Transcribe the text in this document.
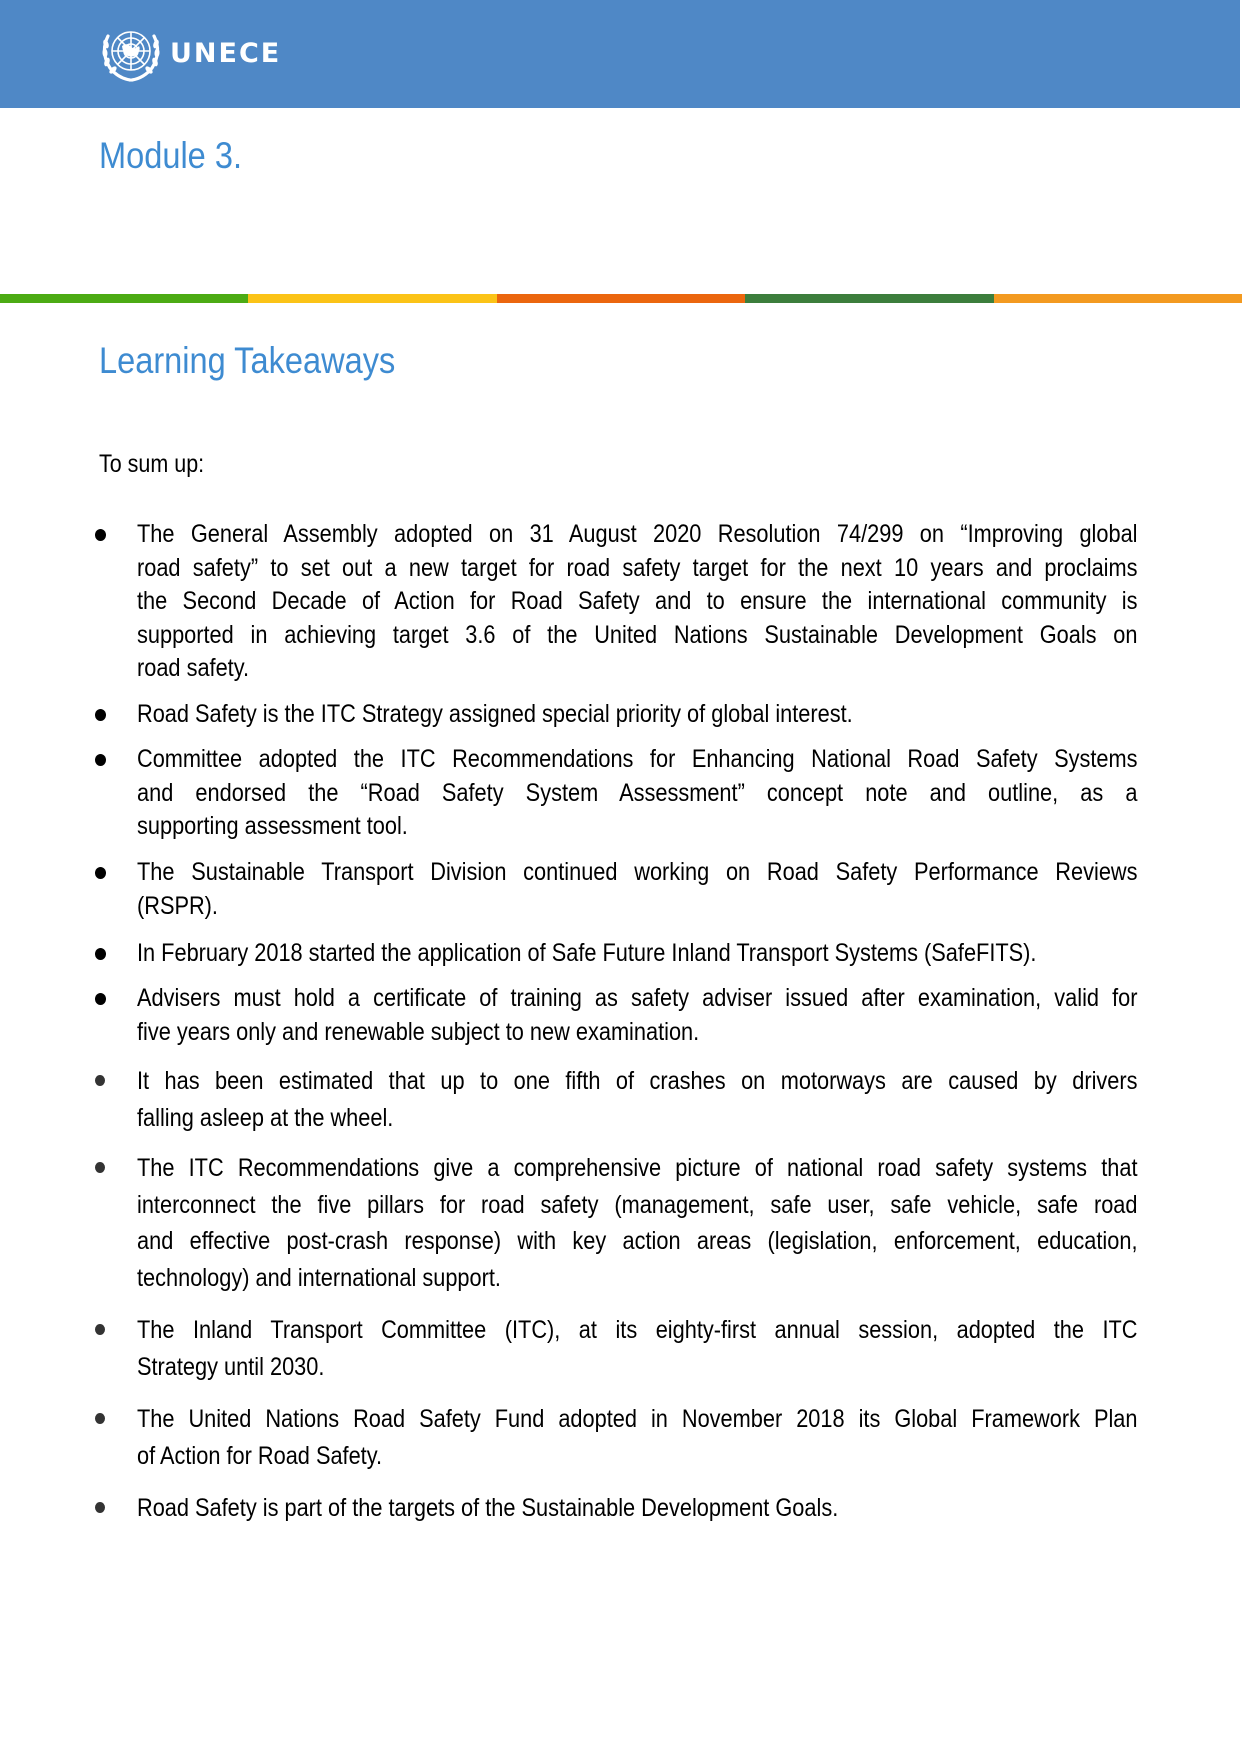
UNECE
Module 3.
Learning Takeaways

To sum up:

The General Assembly adopted on 31 August 2020 Resolution 74/299 on “Improving global
road safety” to set out a new target for road safety target for the next 10 years and proclaims
the Second Decade of Action for Road Safety and to ensure the international community is
supported in achieving target 3.6 of the United Nations Sustainable Development Goals on
road safety.
Road Safety is the ITC Strategy assigned special priority of global interest.
Committee adopted the ITC Recommendations for Enhancing National Road Safety Systems
and endorsed the “Road Safety System Assessment” concept note and outline, as a
supporting assessment tool.
The Sustainable Transport Division continued working on Road Safety Performance Reviews
(RSPR).
In February 2018 started the application of Safe Future Inland Transport Systems (SafeFITS).
Advisers must hold a certificate of training as safety adviser issued after examination, valid for
five years only and renewable subject to new examination.
It has been estimated that up to one fifth of crashes on motorways are caused by drivers
falling asleep at the wheel.
The ITC Recommendations give a comprehensive picture of national road safety systems that
interconnect the five pillars for road safety (management, safe user, safe vehicle, safe road
and effective post-crash response) with key action areas (legislation, enforcement, education,
technology) and international support.
The Inland Transport Committee (ITC), at its eighty-first annual session, adopted the ITC
Strategy until 2030.
The United Nations Road Safety Fund adopted in November 2018 its Global Framework Plan
of Action for Road Safety.
Road Safety is part of the targets of the Sustainable Development Goals.
